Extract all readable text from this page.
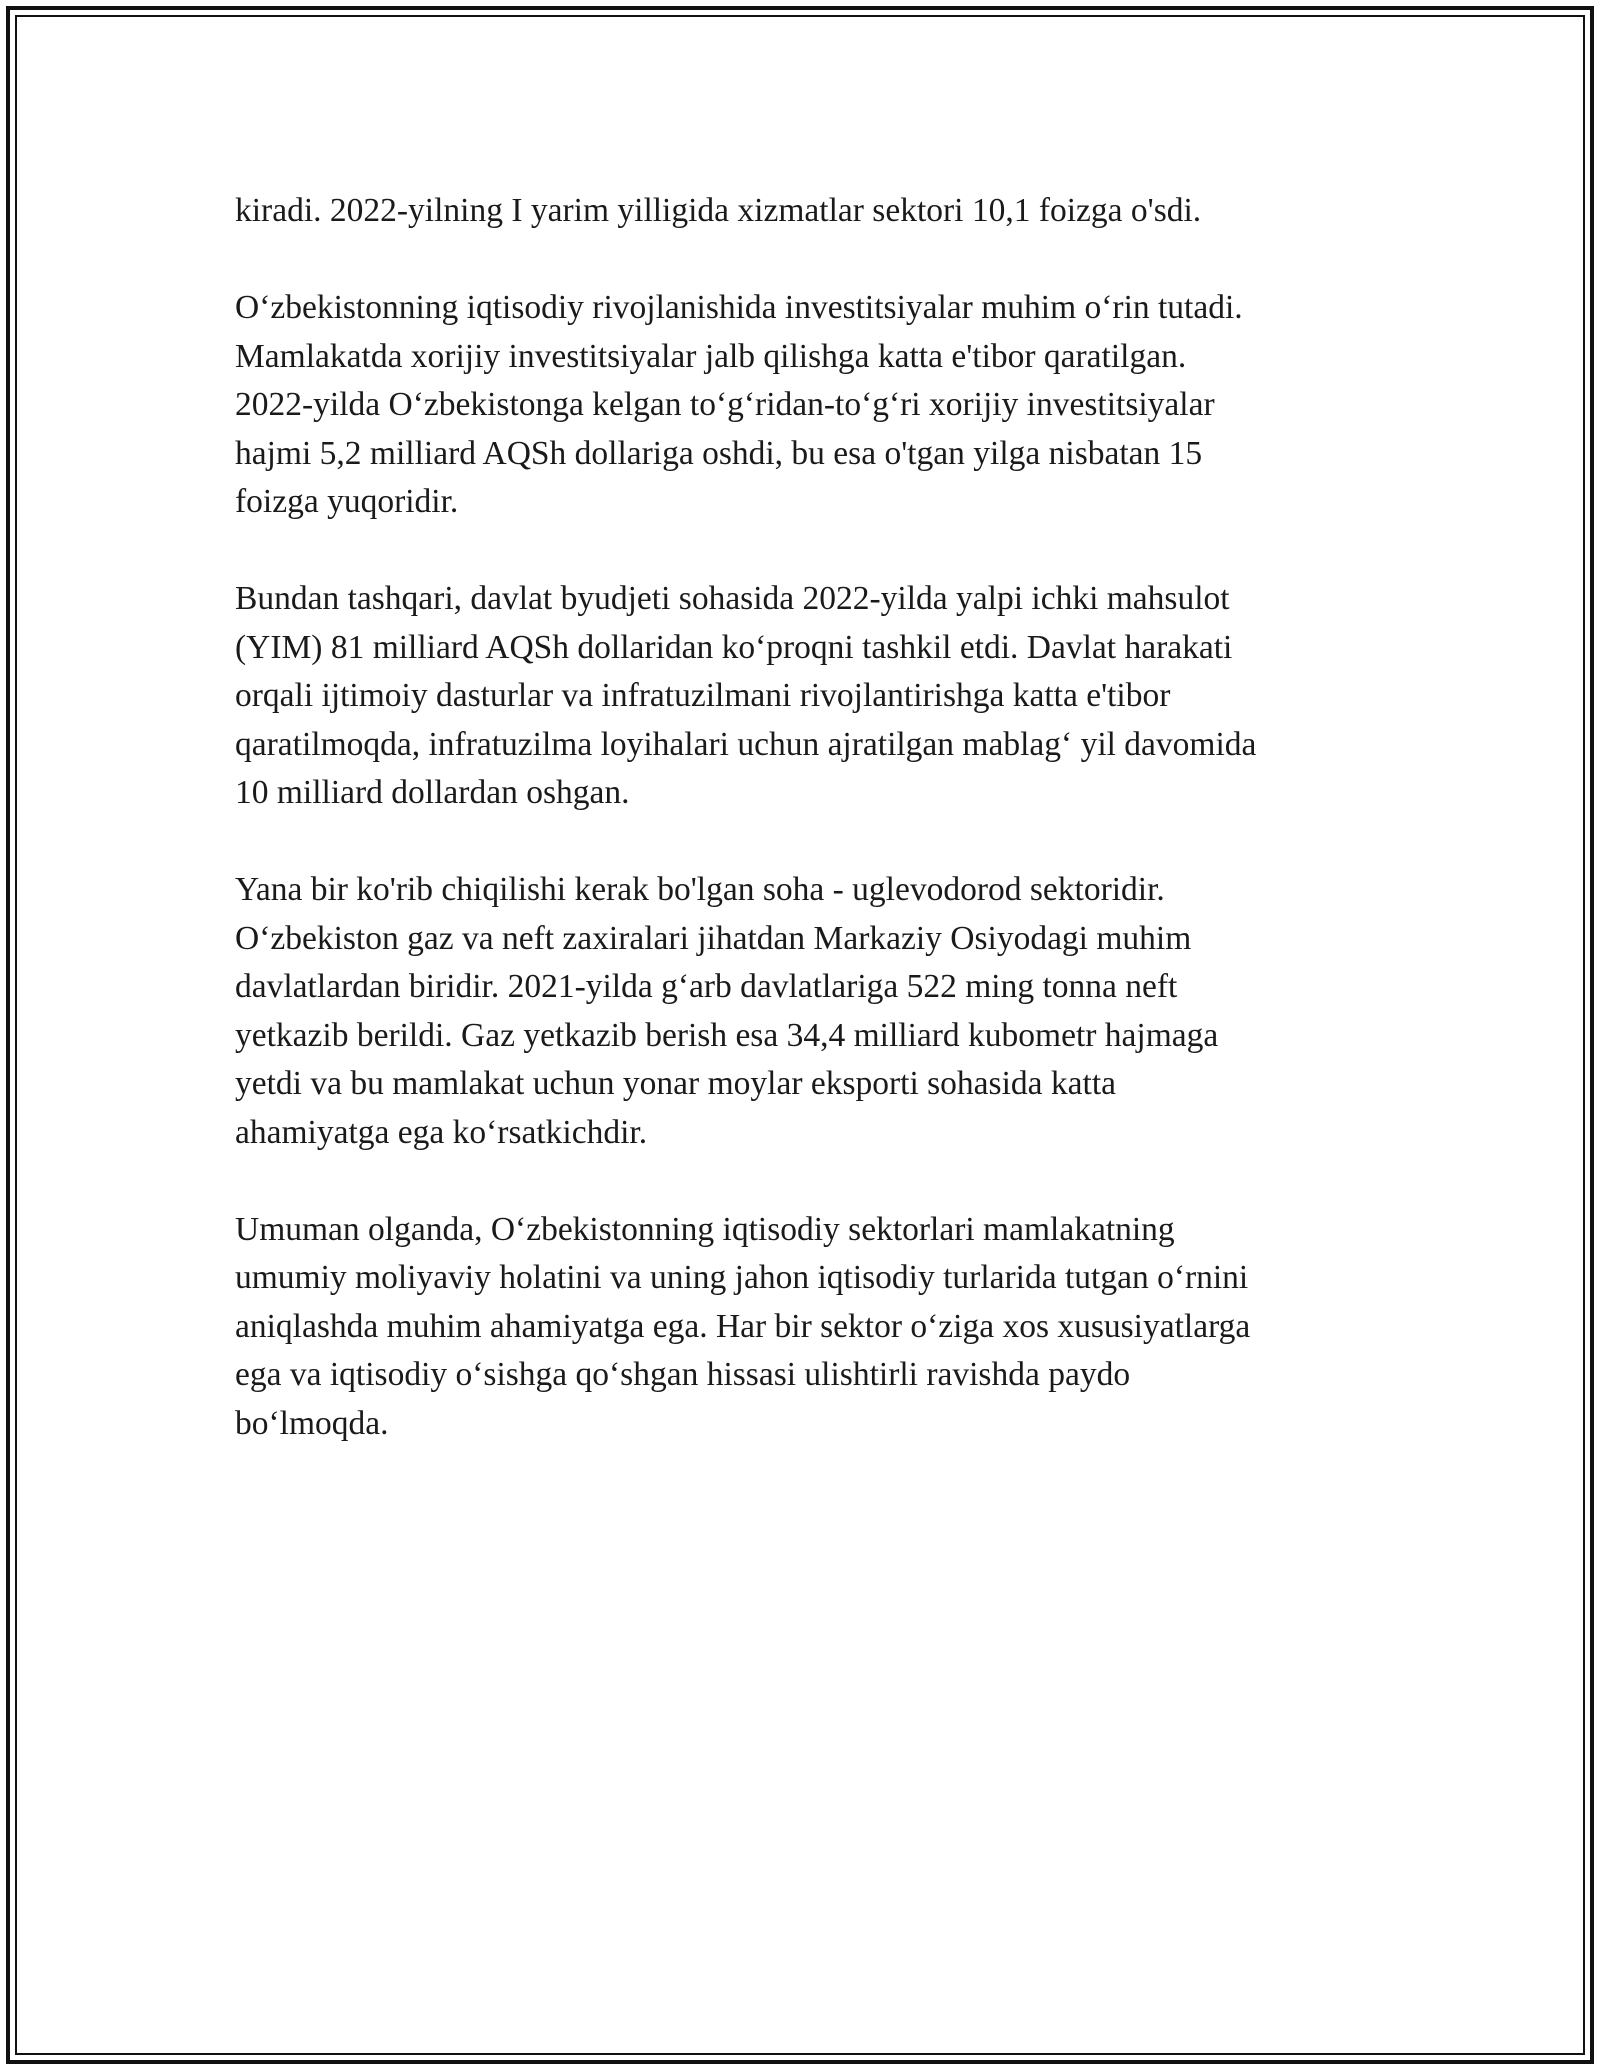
kiradi. 2022-yilning I yarim yilligida xizmatlar sektori 10,1 foizga o'sdi.

O‘zbekistonning iqtisodiy rivojlanishida investitsiyalar muhim o‘rin tutadi.
Mamlakatda xorijiy investitsiyalar jalb qilishga katta e'tibor qaratilgan.
2022-yilda O‘zbekistonga kelgan to‘g‘ridan-to‘g‘ri xorijiy investitsiyalar
hajmi 5,2 milliard AQSh dollariga oshdi, bu esa o'tgan yilga nisbatan 15
foizga yuqoridir.

Bundan tashqari, davlat byudjeti sohasida 2022-yilda yalpi ichki mahsulot
(YIM) 81 milliard AQSh dollaridan ko‘proqni tashkil etdi. Davlat harakati
orqali ijtimoiy dasturlar va infratuzilmani rivojlantirishga katta e'tibor
qaratilmoqda, infratuzilma loyihalari uchun ajratilgan mablag‘ yil davomida
10 milliard dollardan oshgan.

Yana bir ko'rib chiqilishi kerak bo'lgan soha - uglevodorod sektoridir.
O‘zbekiston gaz va neft zaxiralari jihatdan Markaziy Osiyodagi muhim
davlatlardan biridir. 2021-yilda g‘arb davlatlariga 522 ming tonna neft
yetkazib berildi. Gaz yetkazib berish esa 34,4 milliard kubometr hajmaga
yetdi va bu mamlakat uchun yonar moylar eksporti sohasida katta
ahamiyatga ega ko‘rsatkichdir.

Umuman olganda, O‘zbekistonning iqtisodiy sektorlari mamlakatning
umumiy moliyaviy holatini va uning jahon iqtisodiy turlarida tutgan o‘rnini
aniqlashda muhim ahamiyatga ega. Har bir sektor o‘ziga xos xususiyatlarga
ega va iqtisodiy o‘sishga qo‘shgan hissasi ulishtirli ravishda paydo
bo‘lmoqda.
